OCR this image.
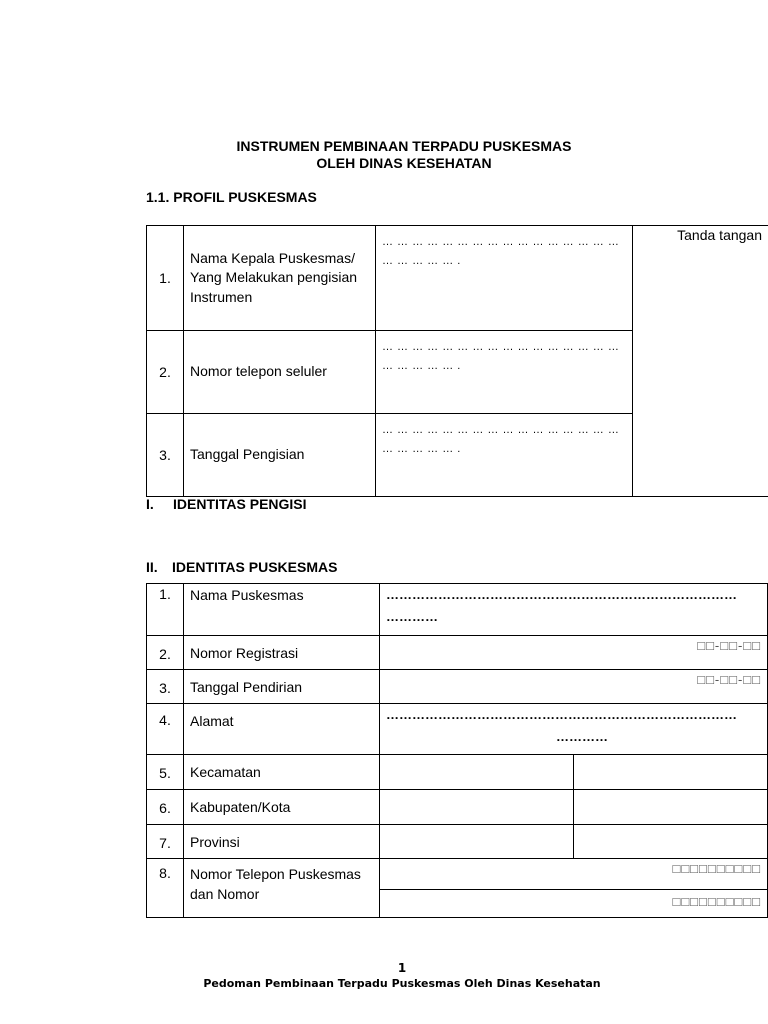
INSTRUMEN PEMBINAAN TERPADU PUSKESMAS
OLEH DINAS KESEHATAN
1.1. PROFIL PUSKESMAS
1.	Nama Kepala Puskesmas/ Yang Melakukan pengisian Instrumen	… … … … … … … … … … … … … … … … … … … … … .	Tanda tangan
2.	Nomor telepon seluler	… … … … … … … … … … … … … … … … … … … … … .	
3.	Tanggal Pengisian	… … … … … … … … … … … … … … … … … … … … … .	
I. IDENTITAS PENGISI
II. IDENTITAS PUSKESMAS
1.	Nama Puskesmas	………………………………………………………………………
…………	

2.	Nomor Registrasi	□□-□□-□□	
3.	Tanggal Pendirian	□□-□□-□□	
4.	Alamat	………………………………………………………………………
…………	

5.	Kecamatan		
6.	Kabupaten/Kota		
7.	Provinsi		
8.	Nomor Telepon Puskesmas dan Nomor	□□□□□□□□□□
□□□□□□□□□□	
1
Pedoman Pembinaan Terpadu Puskesmas Oleh Dinas Kesehatan
